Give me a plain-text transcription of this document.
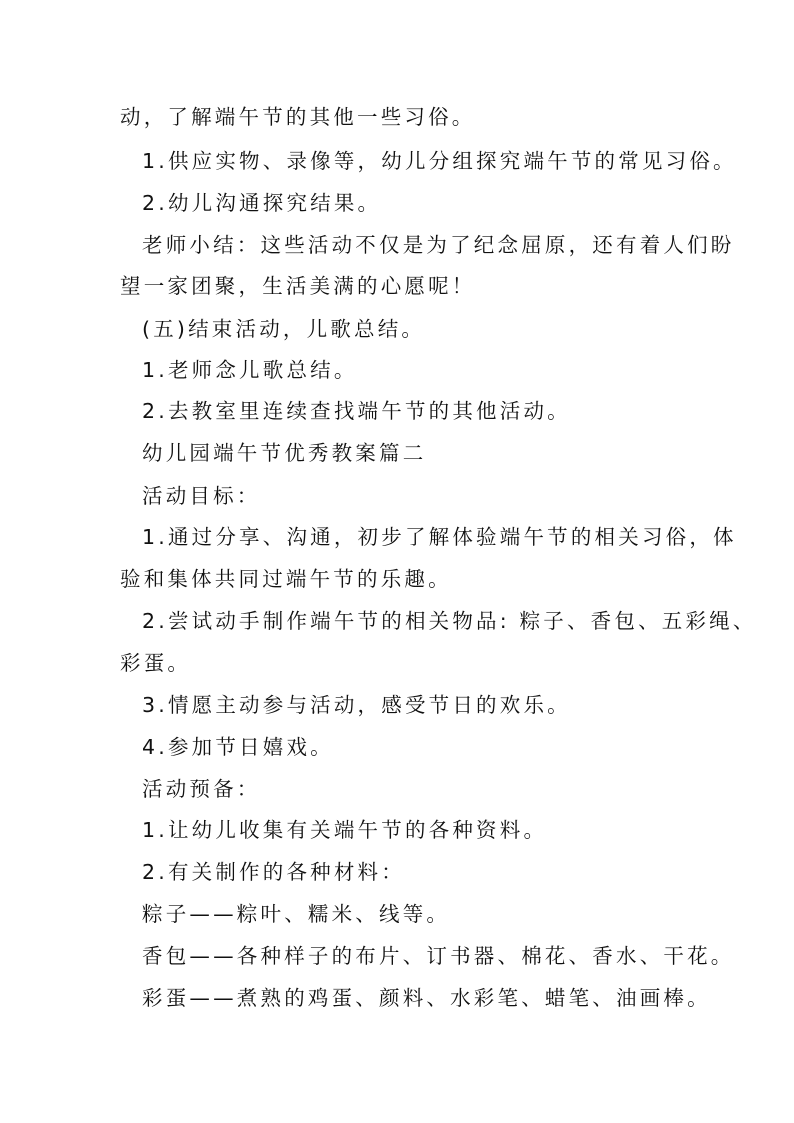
动，了解端午节的其他一些习俗。
1.供应实物、录像等，幼儿分组探究端午节的常见习俗。
2.幼儿沟通探究结果。
老师小结：这些活动不仅是为了纪念屈原，还有着人们盼
望一家团聚，生活美满的心愿呢！
(五)结束活动，儿歌总结。
1.老师念儿歌总结。
2.去教室里连续查找端午节的其他活动。
幼儿园端午节优秀教案篇二
活动目标：
1.通过分享、沟通，初步了解体验端午节的相关习俗，体
验和集体共同过端午节的乐趣。
2.尝试动手制作端午节的相关物品: 粽子、香包、五彩绳、
彩蛋。
3.情愿主动参与活动，感受节日的欢乐。
4.参加节日嬉戏。
活动预备：
1.让幼儿收集有关端午节的各种资料。
2.有关制作的各种材料：
粽子——粽叶、糯米、线等。
香包——各种样子的布片、订书器、棉花、香水、干花。
彩蛋——煮熟的鸡蛋、颜料、水彩笔、蜡笔、油画棒。
